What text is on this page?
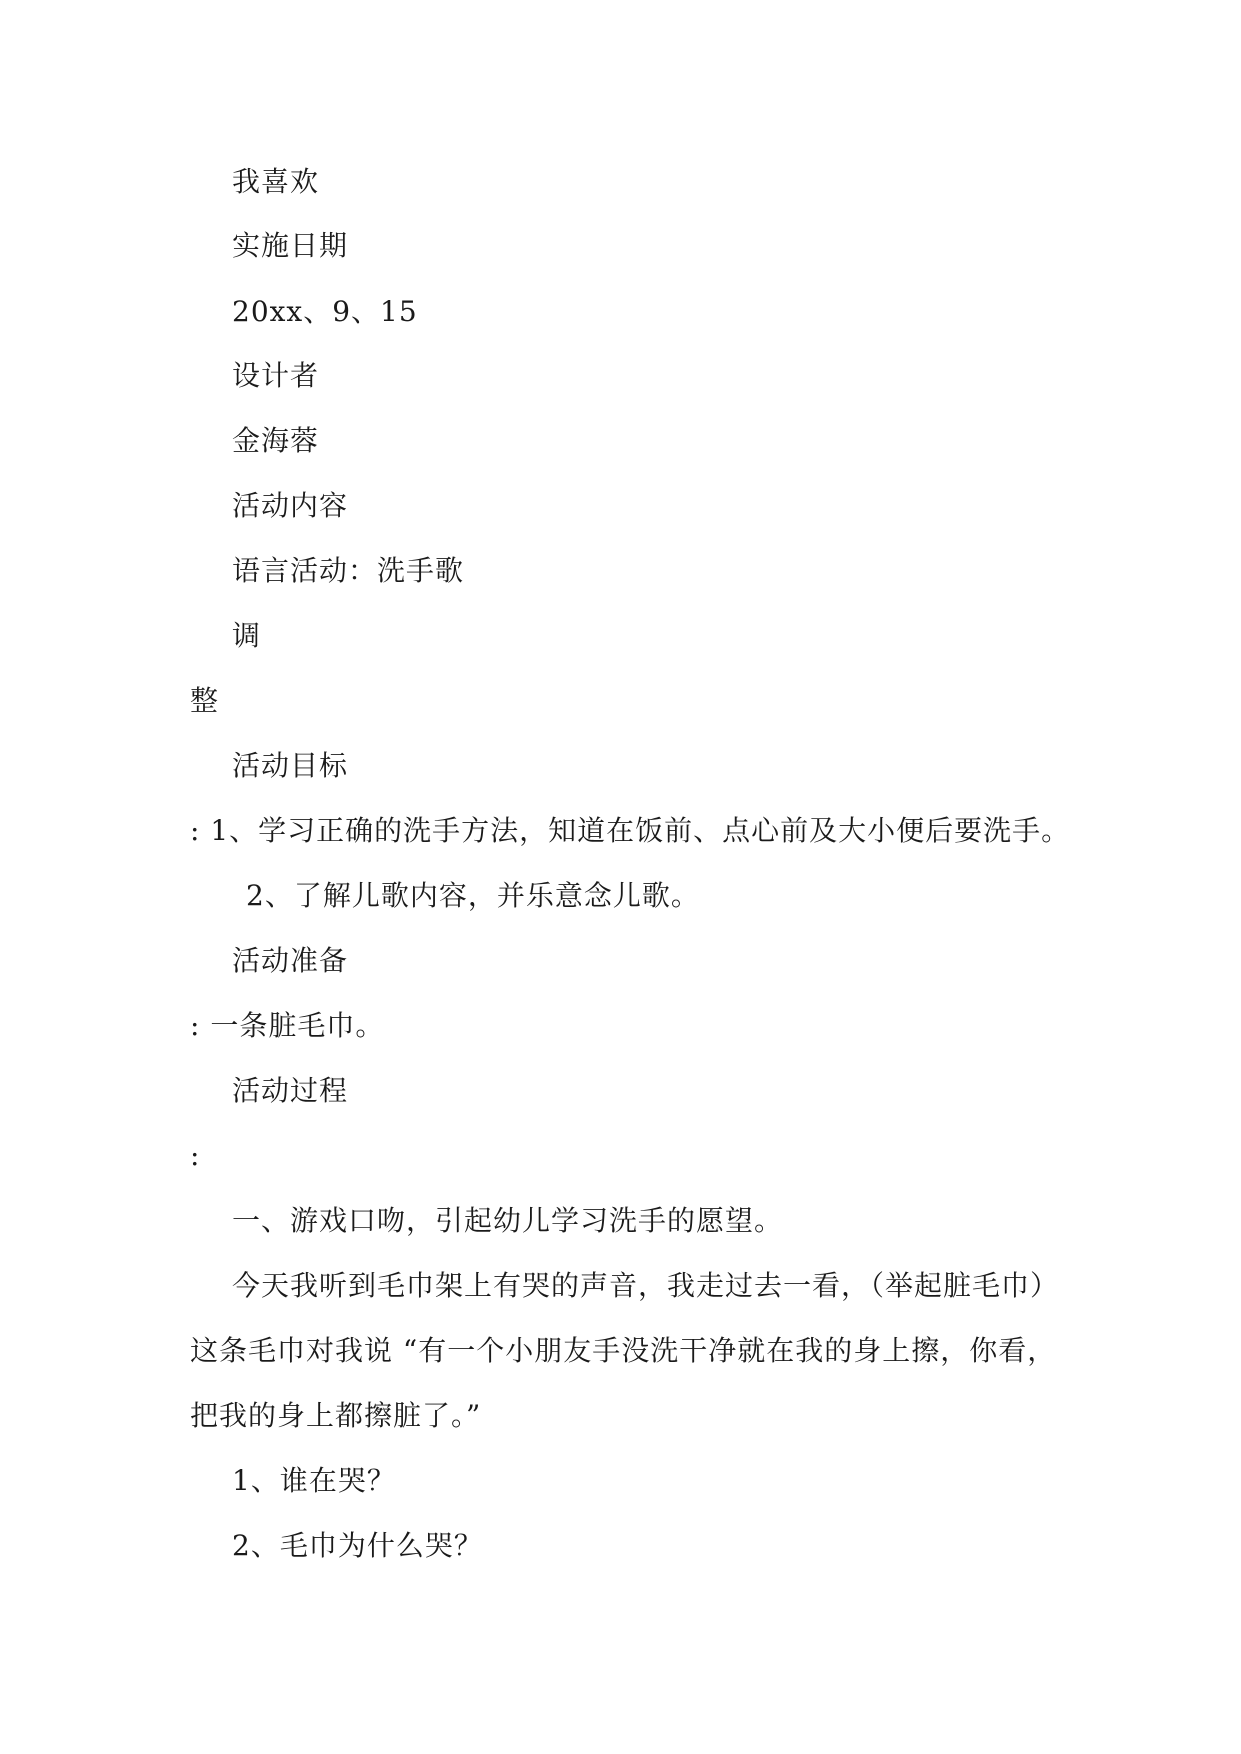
我喜欢
实施日期
20xx、9、15
设计者
金海蓉
活动内容
语言活动：洗手歌
调
整
活动目标
: 1、学习正确的洗手方法，知道在饭前、点心前及大小便后要洗手。
2、了解儿歌内容，并乐意念儿歌。
活动准备
: 一条脏毛巾。
活动过程
:
一、游戏口吻，引起幼儿学习洗手的愿望。
今天我听到毛巾架上有哭的声音，我走过去一看，（举起脏毛巾）
这条毛巾对我说 “有一个小朋友手没洗干净就在我的身上擦，你看，
把我的身上都擦脏了。”
1、谁在哭？
2、毛巾为什么哭？
